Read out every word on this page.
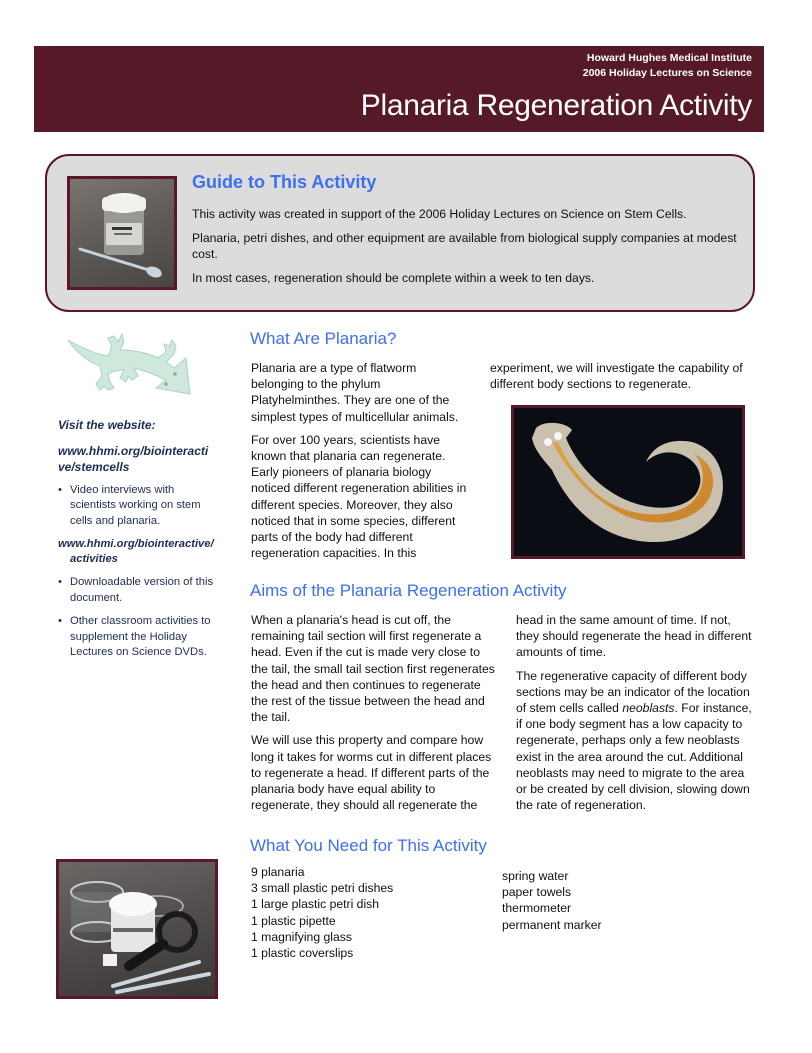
Howard Hughes Medical Institute
2006 Holiday Lectures on Science
Planaria Regeneration Activity
Guide to This Activity

This activity was created in support of the 2006 Holiday Lectures on Science on Stem Cells.

Planaria, petri dishes, and other equipment are available from biological supply companies at modest cost.

In most cases, regeneration should be complete within a week to ten days.

Visit the website:
www.hhmi.org/biointeracti
ve/stemcells
• Video interviews with scientists working on stem cells and planaria.
www.hhmi.org/biointeractive/
activities
• Downloadable version of this document.
• Other classroom activities to supplement the Holiday Lectures on Science DVDs.
What Are Planaria?

Planaria are a type of flatworm belonging to the phylum Platyhelminthes. They are one of the simplest types of multicellular animals.

For over 100 years, scientists have known that planaria can regenerate. Early pioneers of planaria biology noticed different regeneration abilities in different species. Moreover, they also noticed that in some species, different parts of the body had different regeneration capacities. In this

experiment, we will investigate the capability of different body sections to regenerate.

Aims of the Planaria Regeneration Activity

When a planaria's head is cut off, the remaining tail section will first regenerate a head. Even if the cut is made very close to the tail, the small tail section first regenerates the head and then continues to regenerate the rest of the tissue between the head and the tail.

We will use this property and compare how long it takes for worms cut in different places to regenerate a head. If different parts of the planaria body have equal ability to regenerate, they should all regenerate the

head in the same amount of time. If not, they should regenerate the head in different amounts of time.

The regenerative capacity of different body sections may be an indicator of the location of stem cells called neoblasts. For instance, if one body segment has a low capacity to regenerate, perhaps only a few neoblasts exist in the area around the cut. Additional neoblasts may need to migrate to the area or be created by cell division, slowing down the rate of regeneration.

What You Need for This Activity
9 planaria
3 small plastic petri dishes
1 large plastic petri dish
1 plastic pipette
1 magnifying glass
1 plastic coverslips
spring water
paper towels
thermometer
permanent marker
